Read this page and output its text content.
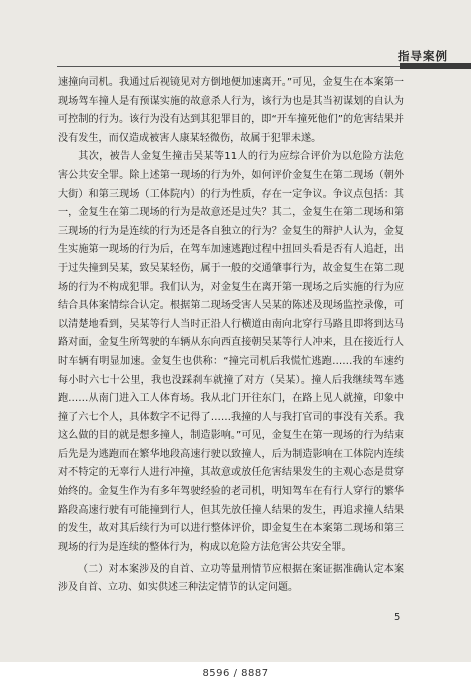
指导案例

速撞向司机。我通过后视镜见对方倒地便加速离开。”可见，金复生在本案第一现场驾车撞人是有预谋实施的故意杀人行为，该行为也是其当初谋划的自认为可控制的行为。该行为没有达到其犯罪目的，即“开车撞死他们”的危害结果并没有发生，而仅造成被害人康某轻微伤，故属于犯罪未遂。

其次，被告人金复生撞击吴某等11人的行为应综合评价为以危险方法危害公共安全罪。除上述第一现场的行为外，如何评价金复生在第二现场（朝外大街）和第三现场（工体院内）的行为性质，存在一定争议。争议点包括：其一，金复生在第二现场的行为是故意还是过失？其二，金复生在第二现场和第三现场的行为是连续的行为还是各自独立的行为？金复生的辩护人认为，金复生实施第一现场的行为后，在驾车加速逃跑过程中扭回头看是否有人追赶，出于过失撞到吴某，致吴某轻伤，属于一般的交通肇事行为，故金复生在第二现场的行为不构成犯罪。我们认为，对金复生在离开第一现场之后实施的行为应结合具体案情综合认定。根据第二现场受害人吴某的陈述及现场监控录像，可以清楚地看到，吴某等行人当时正沿人行横道由南向北穿行马路且即将到达马路对面，金复生所驾驶的车辆从东向西直接朝吴某等行人冲来，且在接近行人时车辆有明显加速。金复生也供称：“撞完司机后我慌忙逃跑……我的车速约每小时六七十公里，我也没踩刹车就撞了对方（吴某）。撞人后我继续驾车逃跑……从南门进入工人体育场。我从北门开往东门，在路上见人就撞，印象中撞了六七个人，具体数字不记得了……我撞的人与我打官司的事没有关系。我这么做的目的就是想多撞人，制造影响。”可见，金复生在第一现场的行为结束后先是为逃跑而在繁华地段高速行驶以致撞人，后为制造影响在工体院内连续对不特定的无辜行人进行冲撞，其故意或放任危害结果发生的主观心态是贯穿始终的。金复生作为有多年驾驶经验的老司机，明知驾车在有行人穿行的繁华路段高速行驶有可能撞到行人，但其先放任撞人结果的发生，再追求撞人结果的发生，故对其后续行为可以进行整体评价，即金复生在本案第二现场和第三现场的行为是连续的整体行为，构成以危险方法危害公共安全罪。

（二）对本案涉及的自首、立功等量刑情节应根据在案证据准确认定本案涉及自首、立功、如实供述三种法定情节的认定问题。

5
8596 / 8887
